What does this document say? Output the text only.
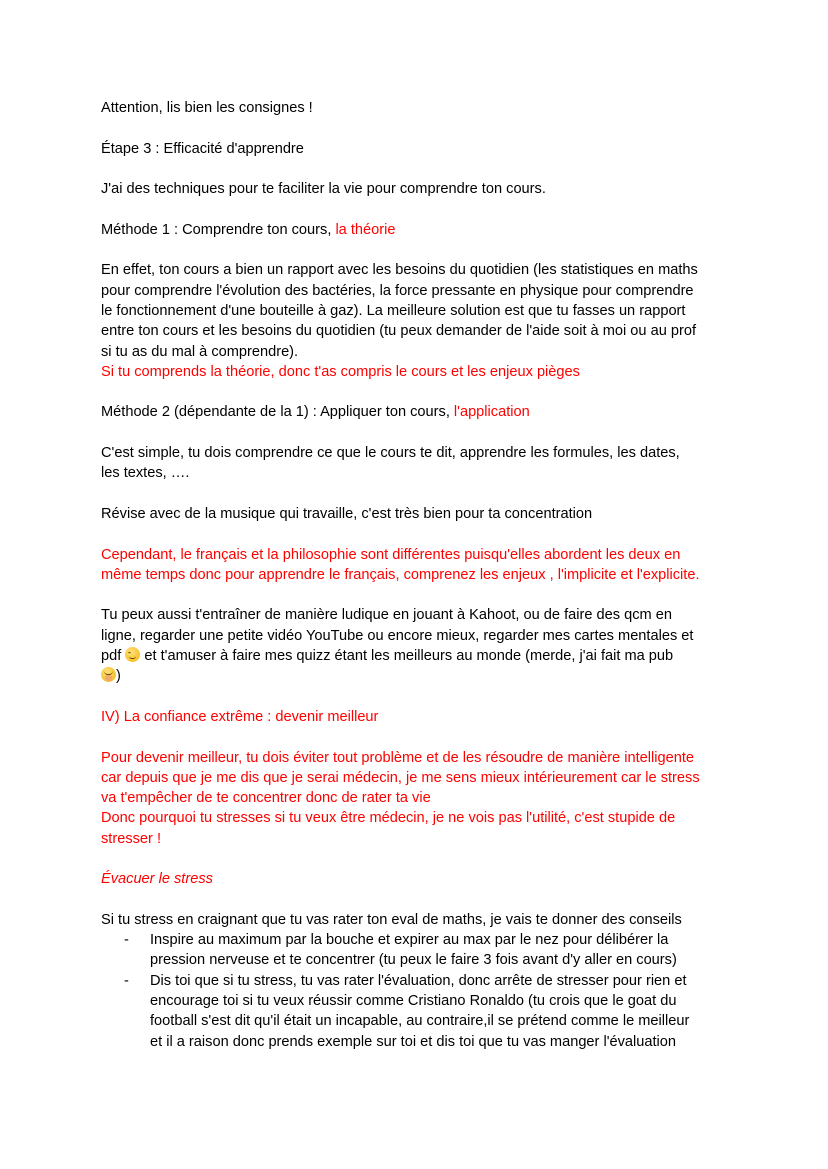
Attention, lis bien les consignes !

Étape 3 : Efficacité d'apprendre

J'ai des techniques pour te faciliter la vie pour comprendre ton cours.

Méthode 1 : Comprendre ton cours, la théorie

En effet, ton cours a bien un rapport avec les besoins du quotidien (les statistiques en maths
pour comprendre l'évolution des bactéries, la force pressante en physique pour comprendre
le fonctionnement d'une bouteille à gaz). La meilleure solution est que tu fasses un rapport
entre ton cours et les besoins du quotidien (tu peux demander de l'aide soit à moi ou au prof
si tu as du mal à comprendre).

Si tu comprends la théorie, donc t'as compris le cours et les enjeux pièges

Méthode 2 (dépendante de la 1) : Appliquer ton cours, l'application

C'est simple, tu dois comprendre ce que le cours te dit, apprendre les formules, les dates,
les textes, ….

Révise avec de la musique qui travaille, c'est très bien pour ta concentration

Cependant, le français et la philosophie sont différentes puisqu'elles abordent les deux en
même temps donc pour apprendre le français, comprenez les enjeux , l'implicite et l'explicite.

Tu peux aussi t'entraîner de manière ludique en jouant à Kahoot, ou de faire des qcm en
ligne, regarder une petite vidéo YouTube ou encore mieux, regarder mes cartes mentales et
pdf  et t'amuser à faire mes quizz étant les meilleurs au monde (merde, j'ai fait ma pub
)

IV) La confiance extrême : devenir meilleur

Pour devenir meilleur, tu dois éviter tout problème et de les résoudre de manière intelligente
car depuis que je me dis que je serai médecin, je me sens mieux intérieurement car le stress
va t'empêcher de te concentrer donc de rater ta vie
Donc pourquoi tu stresses si tu veux être médecin, je ne vois pas l'utilité, c'est stupide de
stresser !

Évacuer le stress

Si tu stress en craignant que tu vas rater ton eval de maths, je vais te donner des conseils

- Inspire au maximum par la bouche et expirer au max par le nez pour délibérer la
pression nerveuse et te concentrer (tu peux le faire 3 fois avant d'y aller en cours)
- Dis toi que si tu stress, tu vas rater l'évaluation, donc arrête de stresser pour rien et
encourage toi si tu veux réussir comme Cristiano Ronaldo (tu crois que le goat du
football s'est dit qu'il était un incapable, au contraire,il se prétend comme le meilleur
et il a raison donc prends exemple sur toi et dis toi que tu vas manger l'évaluation
